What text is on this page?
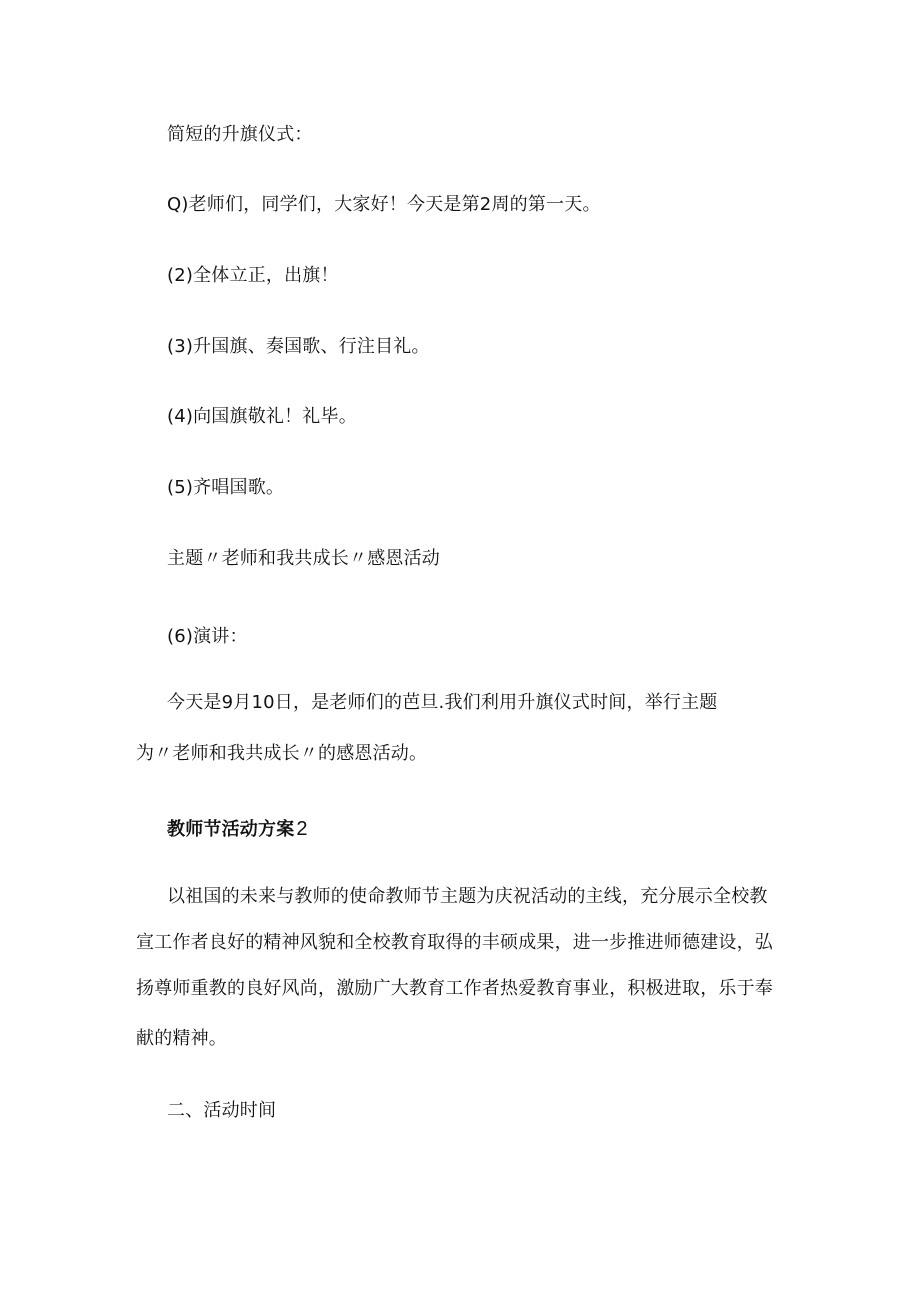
简短的升旗仪式：
Q)老师们，同学们，大家好！今天是第2周的第一天。
(2)全体立正，出旗！
(3)升国旗、奏国歌、行注目礼。
(4)向国旗敬礼！礼毕。
(5)齐唱国歌。
主题〃老师和我共成长〃感恩活动
(6)演讲：
今天是9月10日，是老师们的芭旦.我们利用升旗仪式时间，举行主题
为〃老师和我共成长〃的感恩活动。
教师节活动方案 2
以祖国的未来与教师的使命教师节主题为庆祝活动的主线，充分展示全校教
宣工作者良好的精神风貌和全校教育取得的丰硕成果，进一步推进师德建设，弘
扬尊师重教的良好风尚，激励广大教育工作者热爱教育事业，积极进取，乐于奉
献的精神。
二、活动时间
